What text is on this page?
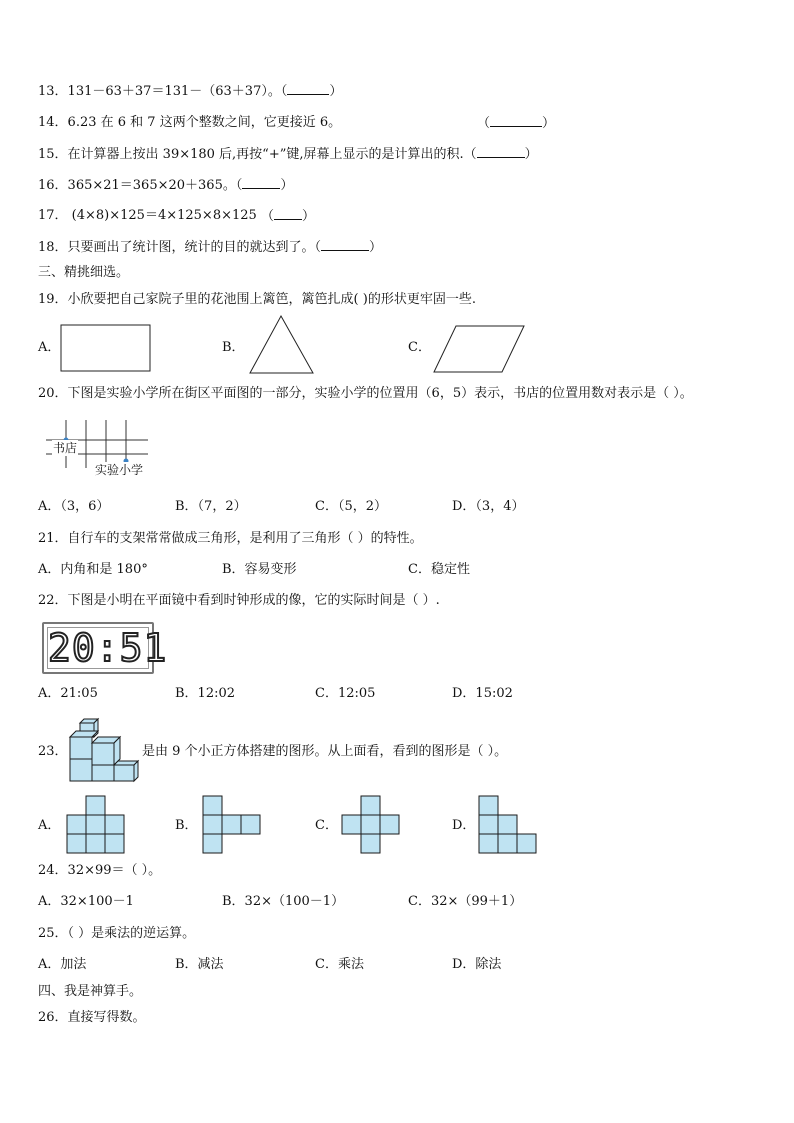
13．131－63＋37＝131－（63＋37）。（	）
14．6.23 在 6 和 7 这两个整数之间，它更接近 6。	（	）
15．在计算器上按出 39×180 后,再按“+”键,屏幕上显示的是计算出的积.（	）
16．365×21＝365×20＋365。（	）
17． (4×8)×125＝4×125×8×125 （ ）
18．只要画出了统计图，统计的目的就达到了。（	）
三、精挑细选。
19．小欣要把自己家院子里的花池围上篱笆，篱笆扎成( )的形状更牢固一些.
A．	B．	C．
20．下图是实验小学所在街区平面图的一部分，实验小学的位置用（6，5）表示，书店的位置用数对表示是（ ）。
书店
实验小学
A．（3，6）	B．（7，2）	C．（5，2）	D．（3，4）
21．自行车的支架常常做成三角形，是利用了三角形（ ）的特性。
A．内角和是 180°	B．容易变形	C．稳定性
22．下图是小明在平面镜中看到时钟形成的像，它的实际时间是（ ）.
20:51
A．21:05	B．12:02	C．12:05	D．15:02
23．	是由 9 个小正方体搭建的图形。从上面看，看到的图形是（ ）。
A．	B．	C．	D．
24．32×99＝（ ）。
A．32×100－1	B．32×（100－1）	C．32×（99＋1）
25．（ ）是乘法的逆运算。
A．加法	B．减法	C．乘法	D．除法
四、我是神算手。
26．直接写得数。
